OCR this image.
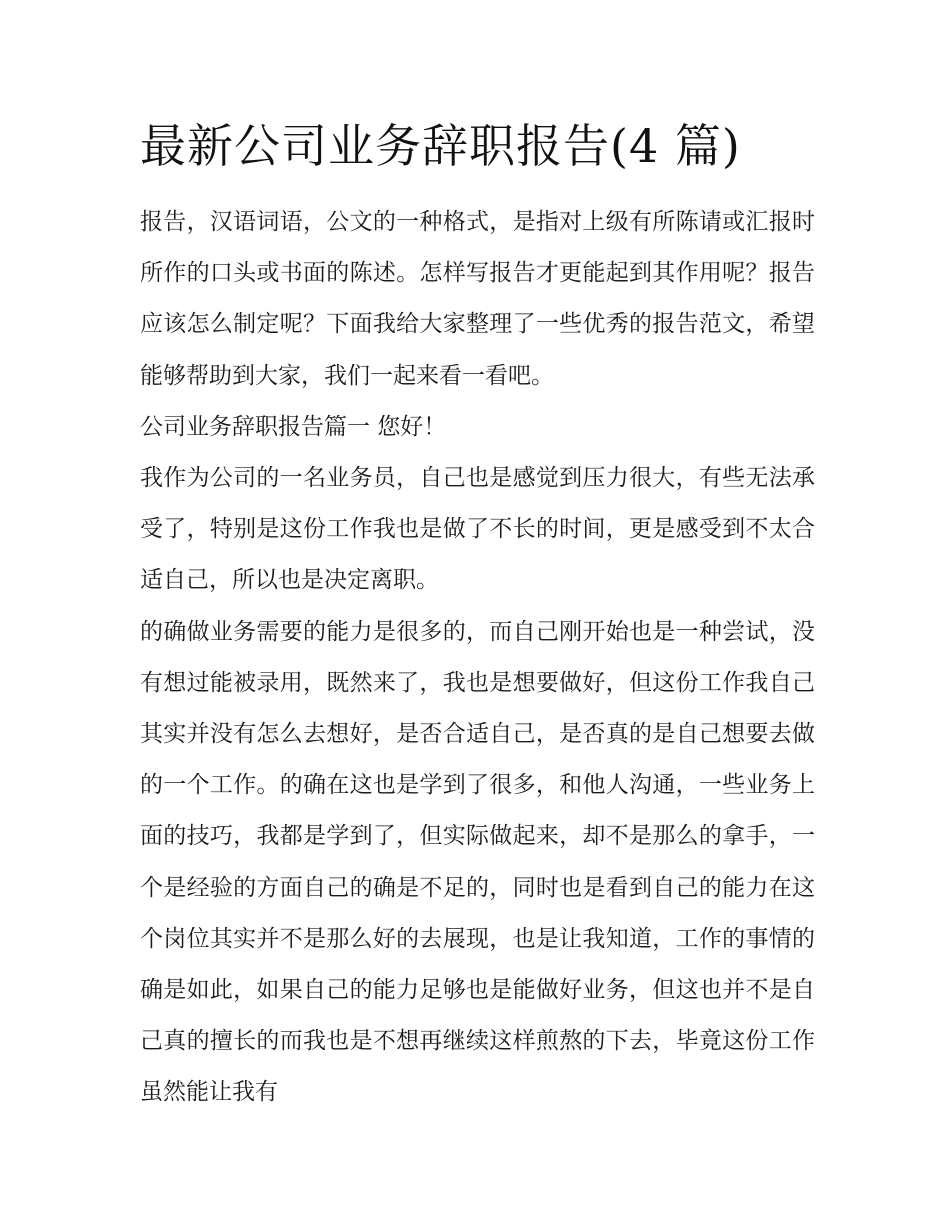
最新公司业务辞职报告(4 篇)

报告，汉语词语，公文的一种格式，是指对上级有所陈请或汇报时所作的口头或书面的陈述。怎样写报告才更能起到其作用呢？报告应该怎么制定呢？下面我给大家整理了一些优秀的报告范文，希望能够帮助到大家，我们一起来看一看吧。

公司业务辞职报告篇一 您好！

我作为公司的一名业务员，自己也是感觉到压力很大，有些无法承受了，特别是这份工作我也是做了不长的时间，更是感受到不太合适自己，所以也是决定离职。

的确做业务需要的能力是很多的，而自己刚开始也是一种尝试，没有想过能被录用，既然来了，我也是想要做好，但这份工作我自己其实并没有怎么去想好，是否合适自己，是否真的是自己想要去做的一个工作。的确在这也是学到了很多，和他人沟通，一些业务上面的技巧，我都是学到了，但实际做起来，却不是那么的拿手，一个是经验的方面自己的确是不足的，同时也是看到自己的能力在这个岗位其实并不是那么好的去展现，也是让我知道，工作的事情的确是如此，如果自己的能力足够也是能做好业务，但这也并不是自己真的擅长的而我也是不想再继续这样煎熬的下去，毕竟这份工作虽然能让我有
